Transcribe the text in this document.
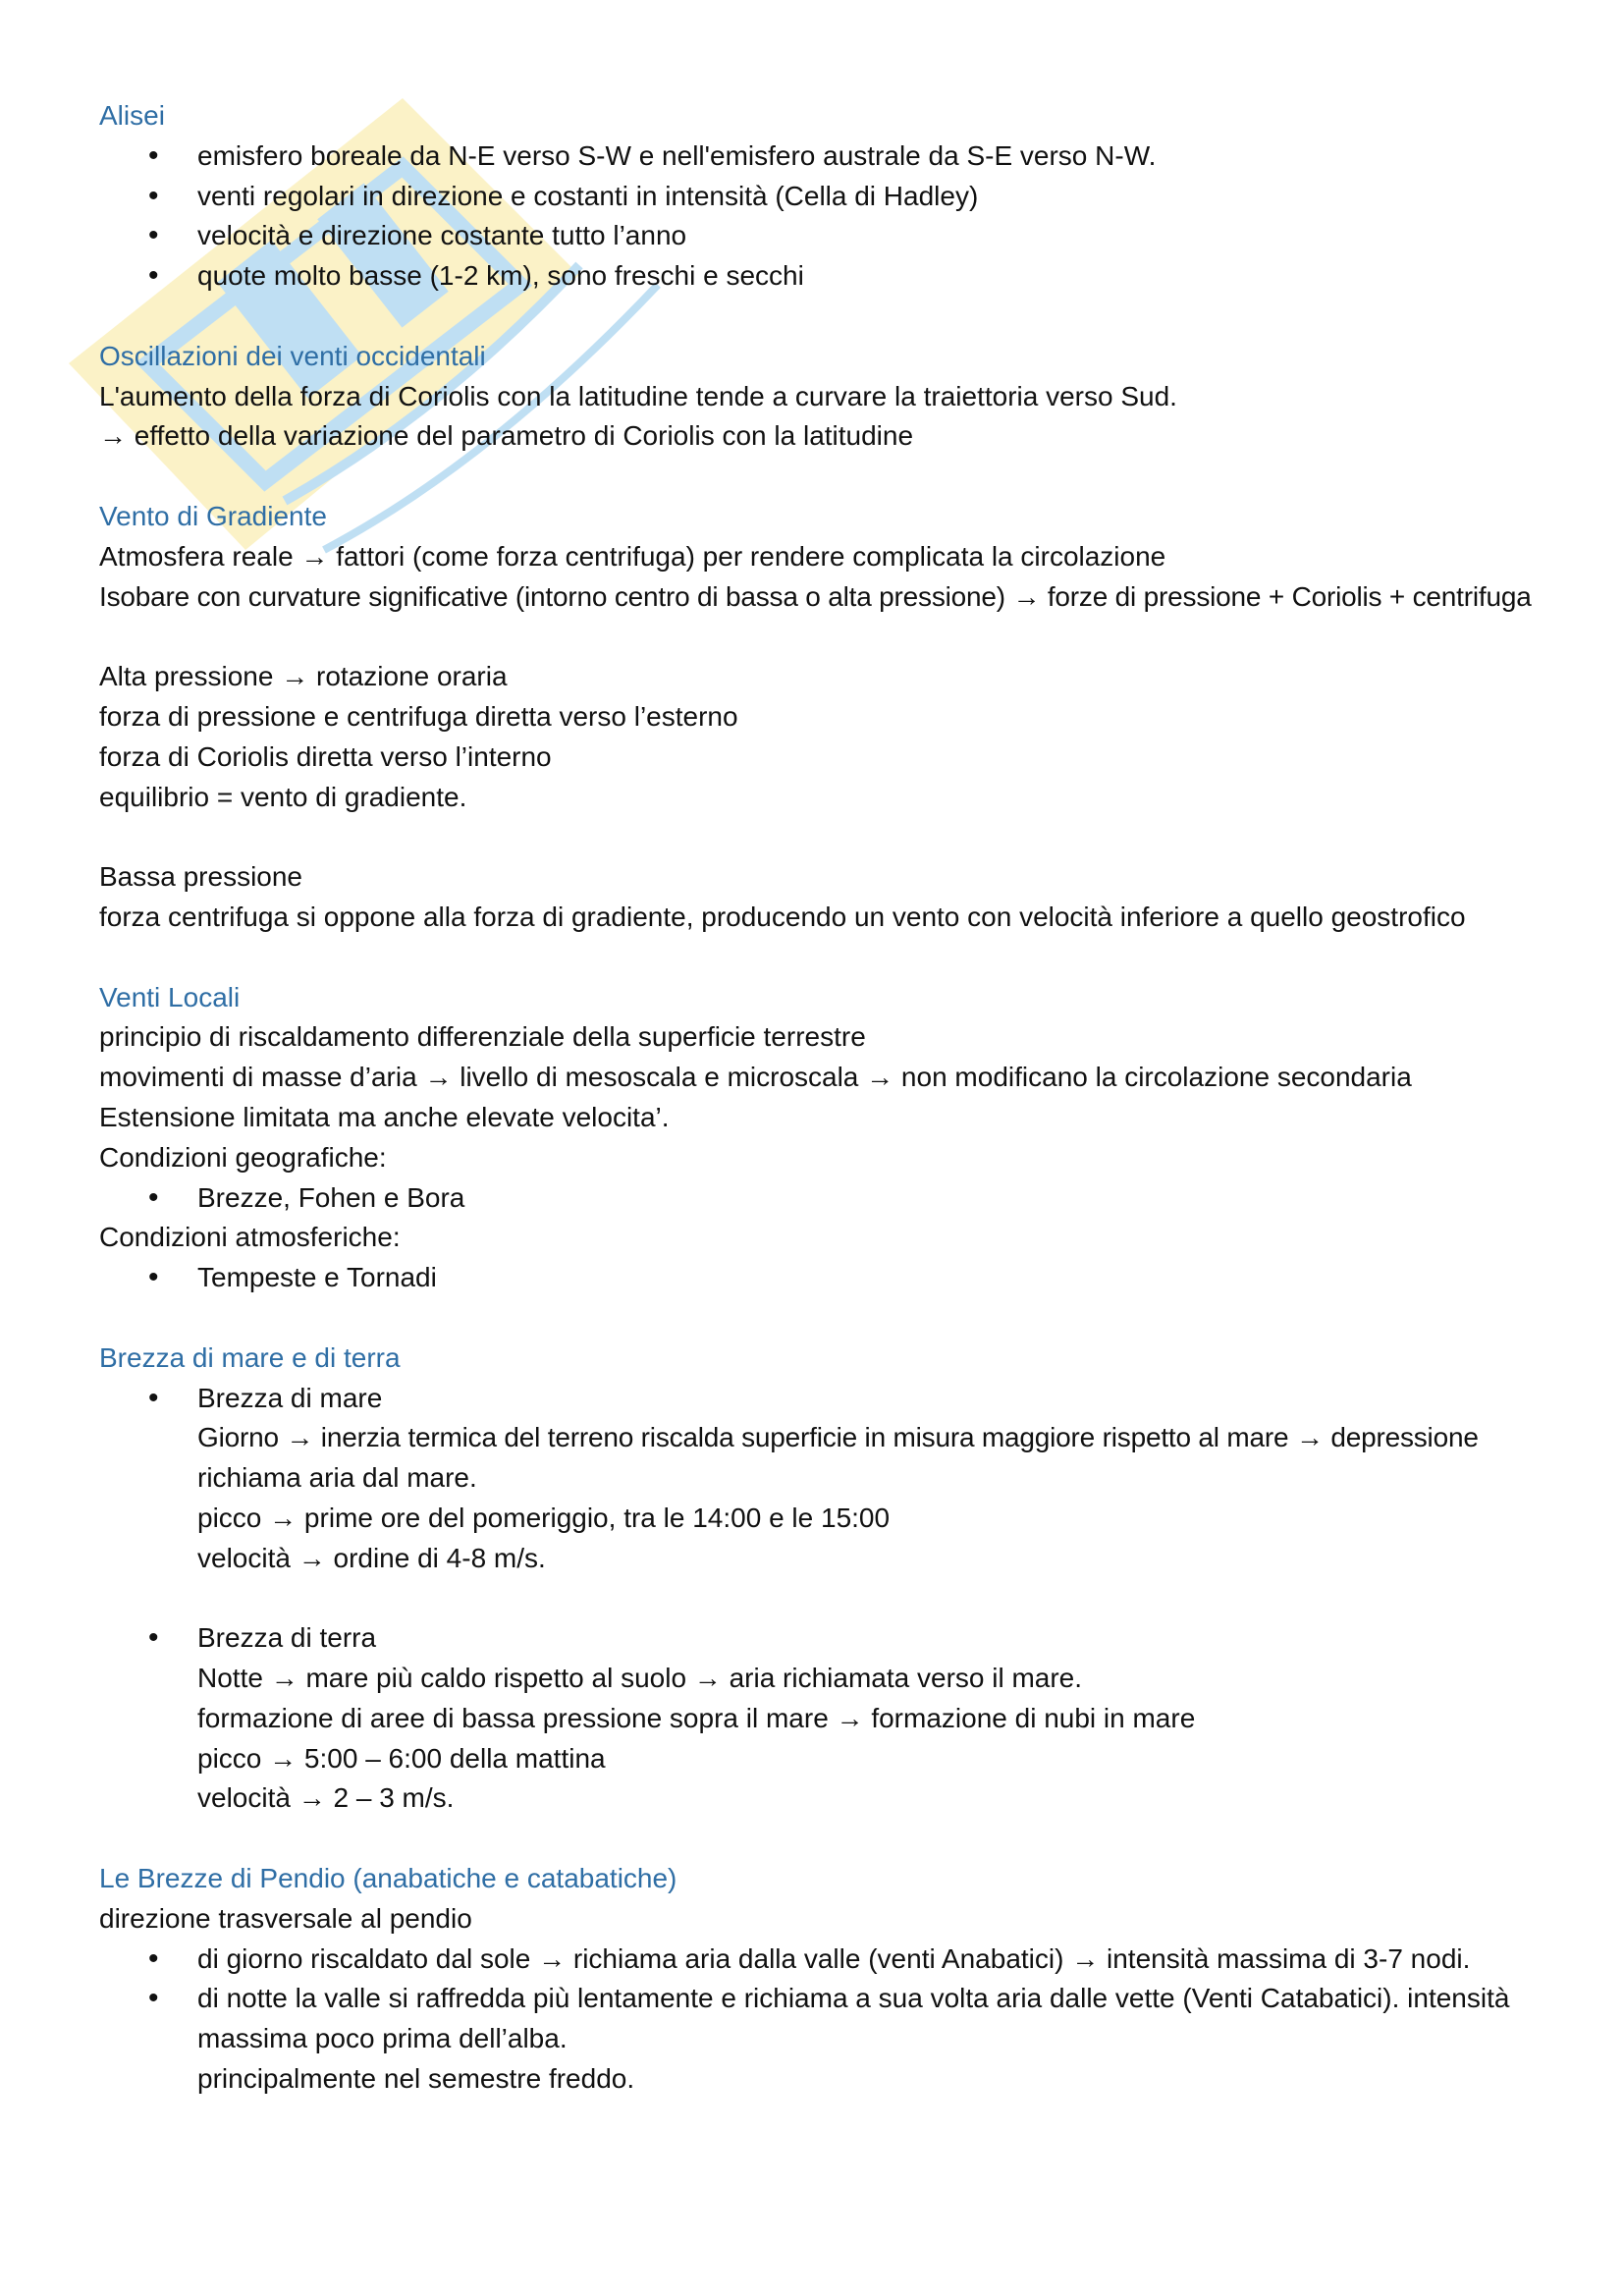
Alisei
• emisfero boreale da N-E verso S-W e nell'emisfero australe da S-E verso N-W.
• venti regolari in direzione e costanti in intensità (Cella di Hadley)
• velocità e direzione costante tutto l’anno
• quote molto basse (1-2 km), sono freschi e secchi
Oscillazioni dei venti occidentali

L'aumento della forza di Coriolis con la latitudine tende a curvare la traiettoria verso Sud.

→ effetto della variazione del parametro di Coriolis con la latitudine

Vento di Gradiente

Atmosfera reale → fattori (come forza centrifuga) per rendere complicata la circolazione

Isobare con curvature significative (intorno centro di bassa o alta pressione) → forze di pressione + Coriolis + centrifuga

Alta pressione → rotazione oraria

forza di pressione e centrifuga diretta verso l’esterno

forza di Coriolis diretta verso l’interno

equilibrio = vento di gradiente.

Bassa pressione

forza centrifuga si oppone alla forza di gradiente, producendo un vento con velocità inferiore a quello geostrofico

Venti Locali

principio di riscaldamento differenziale della superficie terrestre

movimenti di masse d’aria → livello di mesoscala e microscala → non modificano la circolazione secondaria

Estensione limitata ma anche elevate velocita’.

Condizioni geografiche:

• Brezze, Fohen e Bora

Condizioni atmosferiche:

• Tempeste e Tornadi
Brezza di mare e di terra
• Brezza di mare
Giorno → inerzia termica del terreno riscalda superficie in misura maggiore rispetto al mare → depressione
richiama aria dal mare.
picco → prime ore del pomeriggio, tra le 14:00 e le 15:00
velocità → ordine di 4-8 m/s.
• Brezza di terra
Notte → mare più caldo rispetto al suolo → aria richiamata verso il mare.
formazione di aree di bassa pressione sopra il mare → formazione di nubi in mare
picco → 5:00 – 6:00 della mattina
velocità → 2 – 3 m/s.
Le Brezze di Pendio (anabatiche e catabatiche)

direzione trasversale al pendio

• di giorno riscaldato dal sole → richiama aria dalla valle (venti Anabatici) → intensità massima di 3-7 nodi.
• di notte la valle si raffredda più lentamente e richiama a sua volta aria dalle vette (Venti Catabatici). intensità
massima poco prima dell’alba.
principalmente nel semestre freddo.
